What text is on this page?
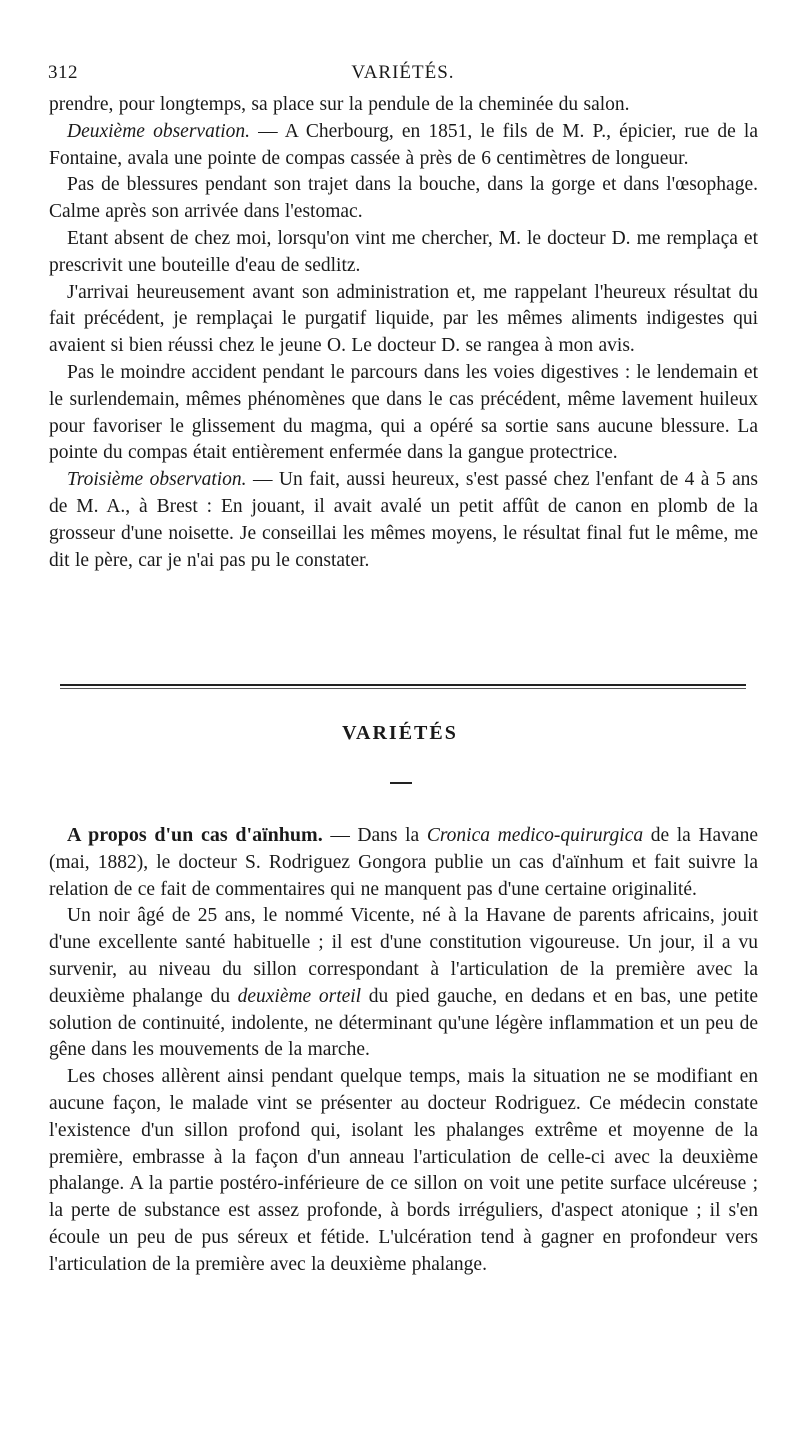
312	VARIÉTÉS.

prendre, pour longtemps, sa place sur la pendule de la cheminée du salon.

Deuxième observation. — A Cherbourg, en 1851, le fils de M. P., épicier, rue de la Fontaine, avala une pointe de compas cassée à près de 6 centimètres de longueur.

Pas de blessures pendant son trajet dans la bouche, dans la gorge et dans l'œsophage. Calme après son arrivée dans l'estomac.

Etant absent de chez moi, lorsqu'on vint me chercher, M. le docteur D. me remplaça et prescrivit une bouteille d'eau de sedlitz.

J'arrivai heureusement avant son administration et, me rappelant l'heureux résultat du fait précédent, je remplaçai le purgatif liquide, par les mêmes aliments indigestes qui avaient si bien réussi chez le jeune O. Le docteur D. se rangea à mon avis.

Pas le moindre accident pendant le parcours dans les voies digestives : le lendemain et le surlendemain, mêmes phénomènes que dans le cas précédent, même lavement huileux pour favoriser le glissement du magma, qui a opéré sa sortie sans aucune blessure. La pointe du compas était entièrement enfermée dans la gangue protectrice.

Troisième observation. — Un fait, aussi heureux, s'est passé chez l'enfant de 4 à 5 ans de M. A., à Brest : En jouant, il avait avalé un petit affût de canon en plomb de la grosseur d'une noisette. Je conseillai les mêmes moyens, le résultat final fut le même, me dit le père, car je n'ai pas pu le constater.

VARIÉTÉS

A propos d'un cas d'aïnhum. — Dans la Cronica medico-quirurgica de la Havane (mai, 1882), le docteur S. Rodriguez Gongora publie un cas d'aïnhum et fait suivre la relation de ce fait de commentaires qui ne manquent pas d'une certaine originalité.

Un noir âgé de 25 ans, le nommé Vicente, né à la Havane de parents africains, jouit d'une excellente santé habituelle ; il est d'une constitution vigoureuse. Un jour, il a vu survenir, au niveau du sillon correspondant à l'articulation de la première avec la deuxième phalange du deuxième orteil du pied gauche, en dedans et en bas, une petite solution de continuité, indolente, ne déterminant qu'une légère inflammation et un peu de gêne dans les mouvements de la marche.

Les choses allèrent ainsi pendant quelque temps, mais la situation ne se modifiant en aucune façon, le malade vint se présenter au docteur Rodriguez. Ce médecin constate l'existence d'un sillon profond qui, isolant les phalanges extrême et moyenne de la première, embrasse à la façon d'un anneau l'articulation de celle-ci avec la deuxième phalange. A la partie postéro-inférieure de ce sillon on voit une petite surface ulcéreuse ; la perte de substance est assez profonde, à bords irréguliers, d'aspect atonique ; il s'en écoule un peu de pus séreux et fétide. L'ulcération tend à gagner en profondeur vers l'articulation de la première avec la deuxième phalange.
